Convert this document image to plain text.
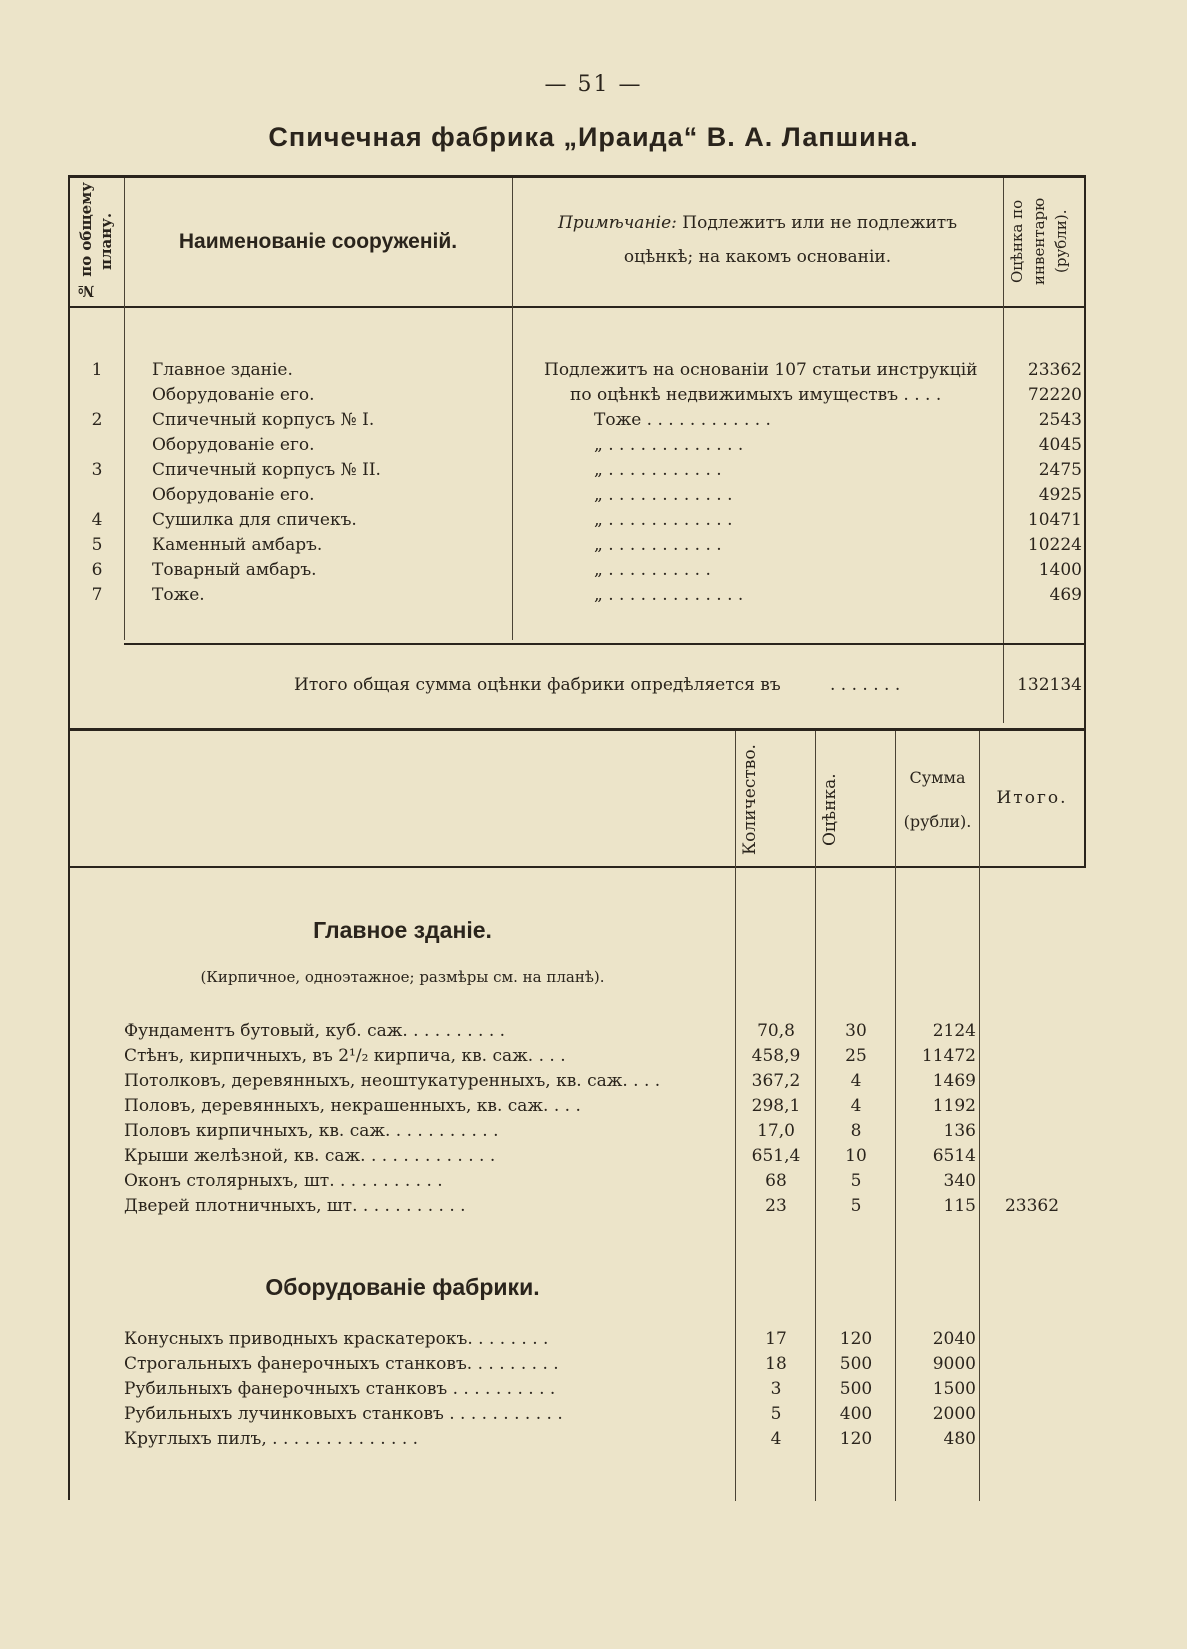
— 51 —
Спичечная фабрика „Ираида“ В. А. Лапшина.
№ по общему плану.	Наименованіе сооруженій.
Примѣчаніе: Подлежитъ или не подлежитъ
оцѣнкѣ; на какомъ основаніи.	Оцѣнка по инвентарю (рубли).
1	Главное зданіе.	Подлежитъ на основаніи 107 статьи инструкцій	23362
Оборудованіе его.	по оцѣнкѣ недвижимыхъ имуществъ . . . .	72220
2	Спичечный корпусъ № I.	Тоже . . . . . . . . . . . .	2543
Оборудованіе его.	„ . . . . . . . . . . . . .	4045
3	Спичечный корпусъ № II.	„ . . . . . . . . . . .	2475
Оборудованіе его.	„ . . . . . . . . . . . .	4925
4	Сушилка для спичекъ.	„ . . . . . . . . . . . .	10471
5	Каменный амбаръ.	„ . . . . . . . . . . .	10224
6	Товарный амбаръ.	„ . . . . . . . . . .	1400
7	Тоже.	„ . . . . . . . . . . . . .	469
Итого общая сумма оцѣнки фабрики опредѣляется въ	. . . . . . .	132134
Количество.	Оцѣнка.	Сумма
(рубли).
Итого.
Главное зданіе.
(Кирпичное, одноэтажное; размѣры см. на планѣ).
Фундаментъ бутовый, куб. саж. . . . . . . . . .	70,8	30	2124
Стѣнъ, кирпичныхъ, въ 2¹/₂ кирпича, кв. саж. . . .	458,9	25	11472
Потолковъ, деревянныхъ, неоштукатуренныхъ, кв. саж. . . .	367,2	4	1469
Половъ, деревянныхъ, некрашенныхъ, кв. саж. . . .	298,1	4	1192
Половъ кирпичныхъ, кв. саж. . . . . . . . . . .	17,0	8	136
Крыши желѣзной, кв. саж. . . . . . . . . . . . .	651,4	10	6514
Оконъ столярныхъ, шт. . . . . . . . . . .	68	5	340
Дверей плотничныхъ, шт. . . . . . . . . . .	23	5	115	23362
Оборудованіе фабрики.
Конусныхъ приводныхъ краскатерокъ. . . . . . . .	17	120	2040
Строгальныхъ фанерочныхъ станковъ. . . . . . . . .	18	500	9000
Рубильныхъ фанерочныхъ станковъ . . . . . . . . . .	3	500	1500
Рубильныхъ лучинковыхъ станковъ . . . . . . . . . . .	5	400	2000
Круглыхъ пилъ, . . . . . . . . . . . . . .	4	120	480
